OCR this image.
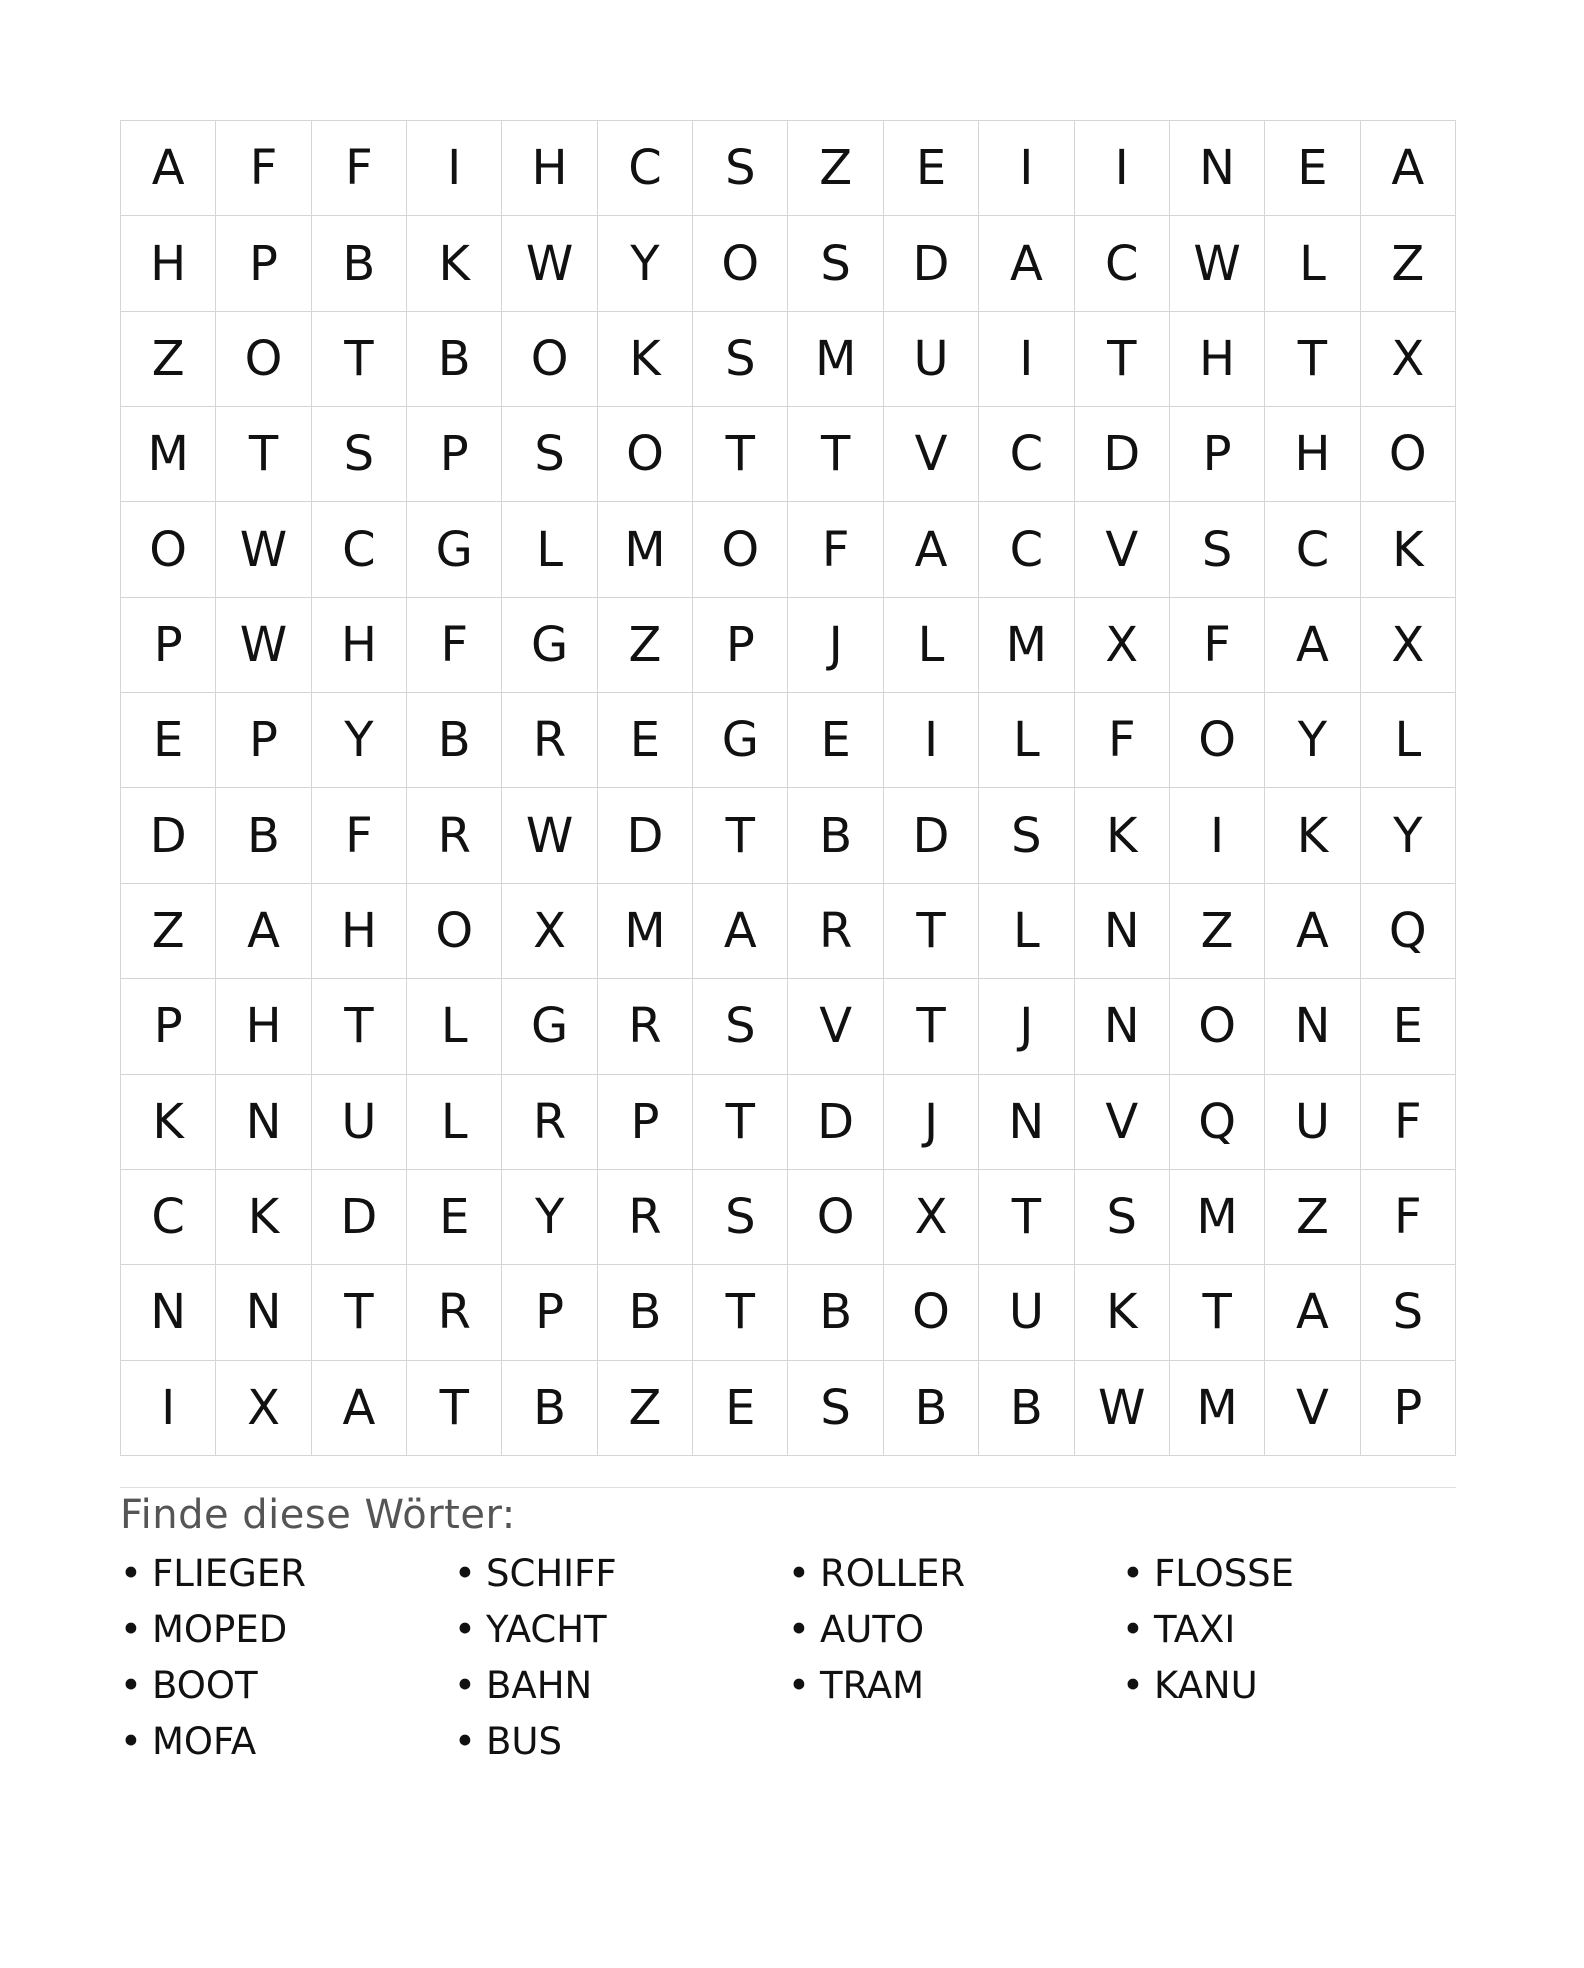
A	F	F	I	H	C	S	Z	E	I	I	N	E	A
H	P	B	K	W	Y	O	S	D	A	C	W	L	Z
Z	O	T	B	O	K	S	M	U	I	T	H	T	X
M	T	S	P	S	O	T	T	V	C	D	P	H	O
O	W	C	G	L	M	O	F	A	C	V	S	C	K
P	W	H	F	G	Z	P	J	L	M	X	F	A	X
E	P	Y	B	R	E	G	E	I	L	F	O	Y	L
D	B	F	R	W	D	T	B	D	S	K	I	K	Y
Z	A	H	O	X	M	A	R	T	L	N	Z	A	Q
P	H	T	L	G	R	S	V	T	J	N	O	N	E
K	N	U	L	R	P	T	D	J	N	V	Q	U	F
C	K	D	E	Y	R	S	O	X	T	S	M	Z	F
N	N	T	R	P	B	T	B	O	U	K	T	A	S
I	X	A	T	B	Z	E	S	B	B	W	M	V	P
Finde diese Wörter:
• FLIEGER	• SCHIFF	• ROLLER	• FLOSSE
• MOPED	• YACHT	• AUTO	• TAXI
• BOOT	• BAHN	• TRAM	• KANU
• MOFA	• BUS
